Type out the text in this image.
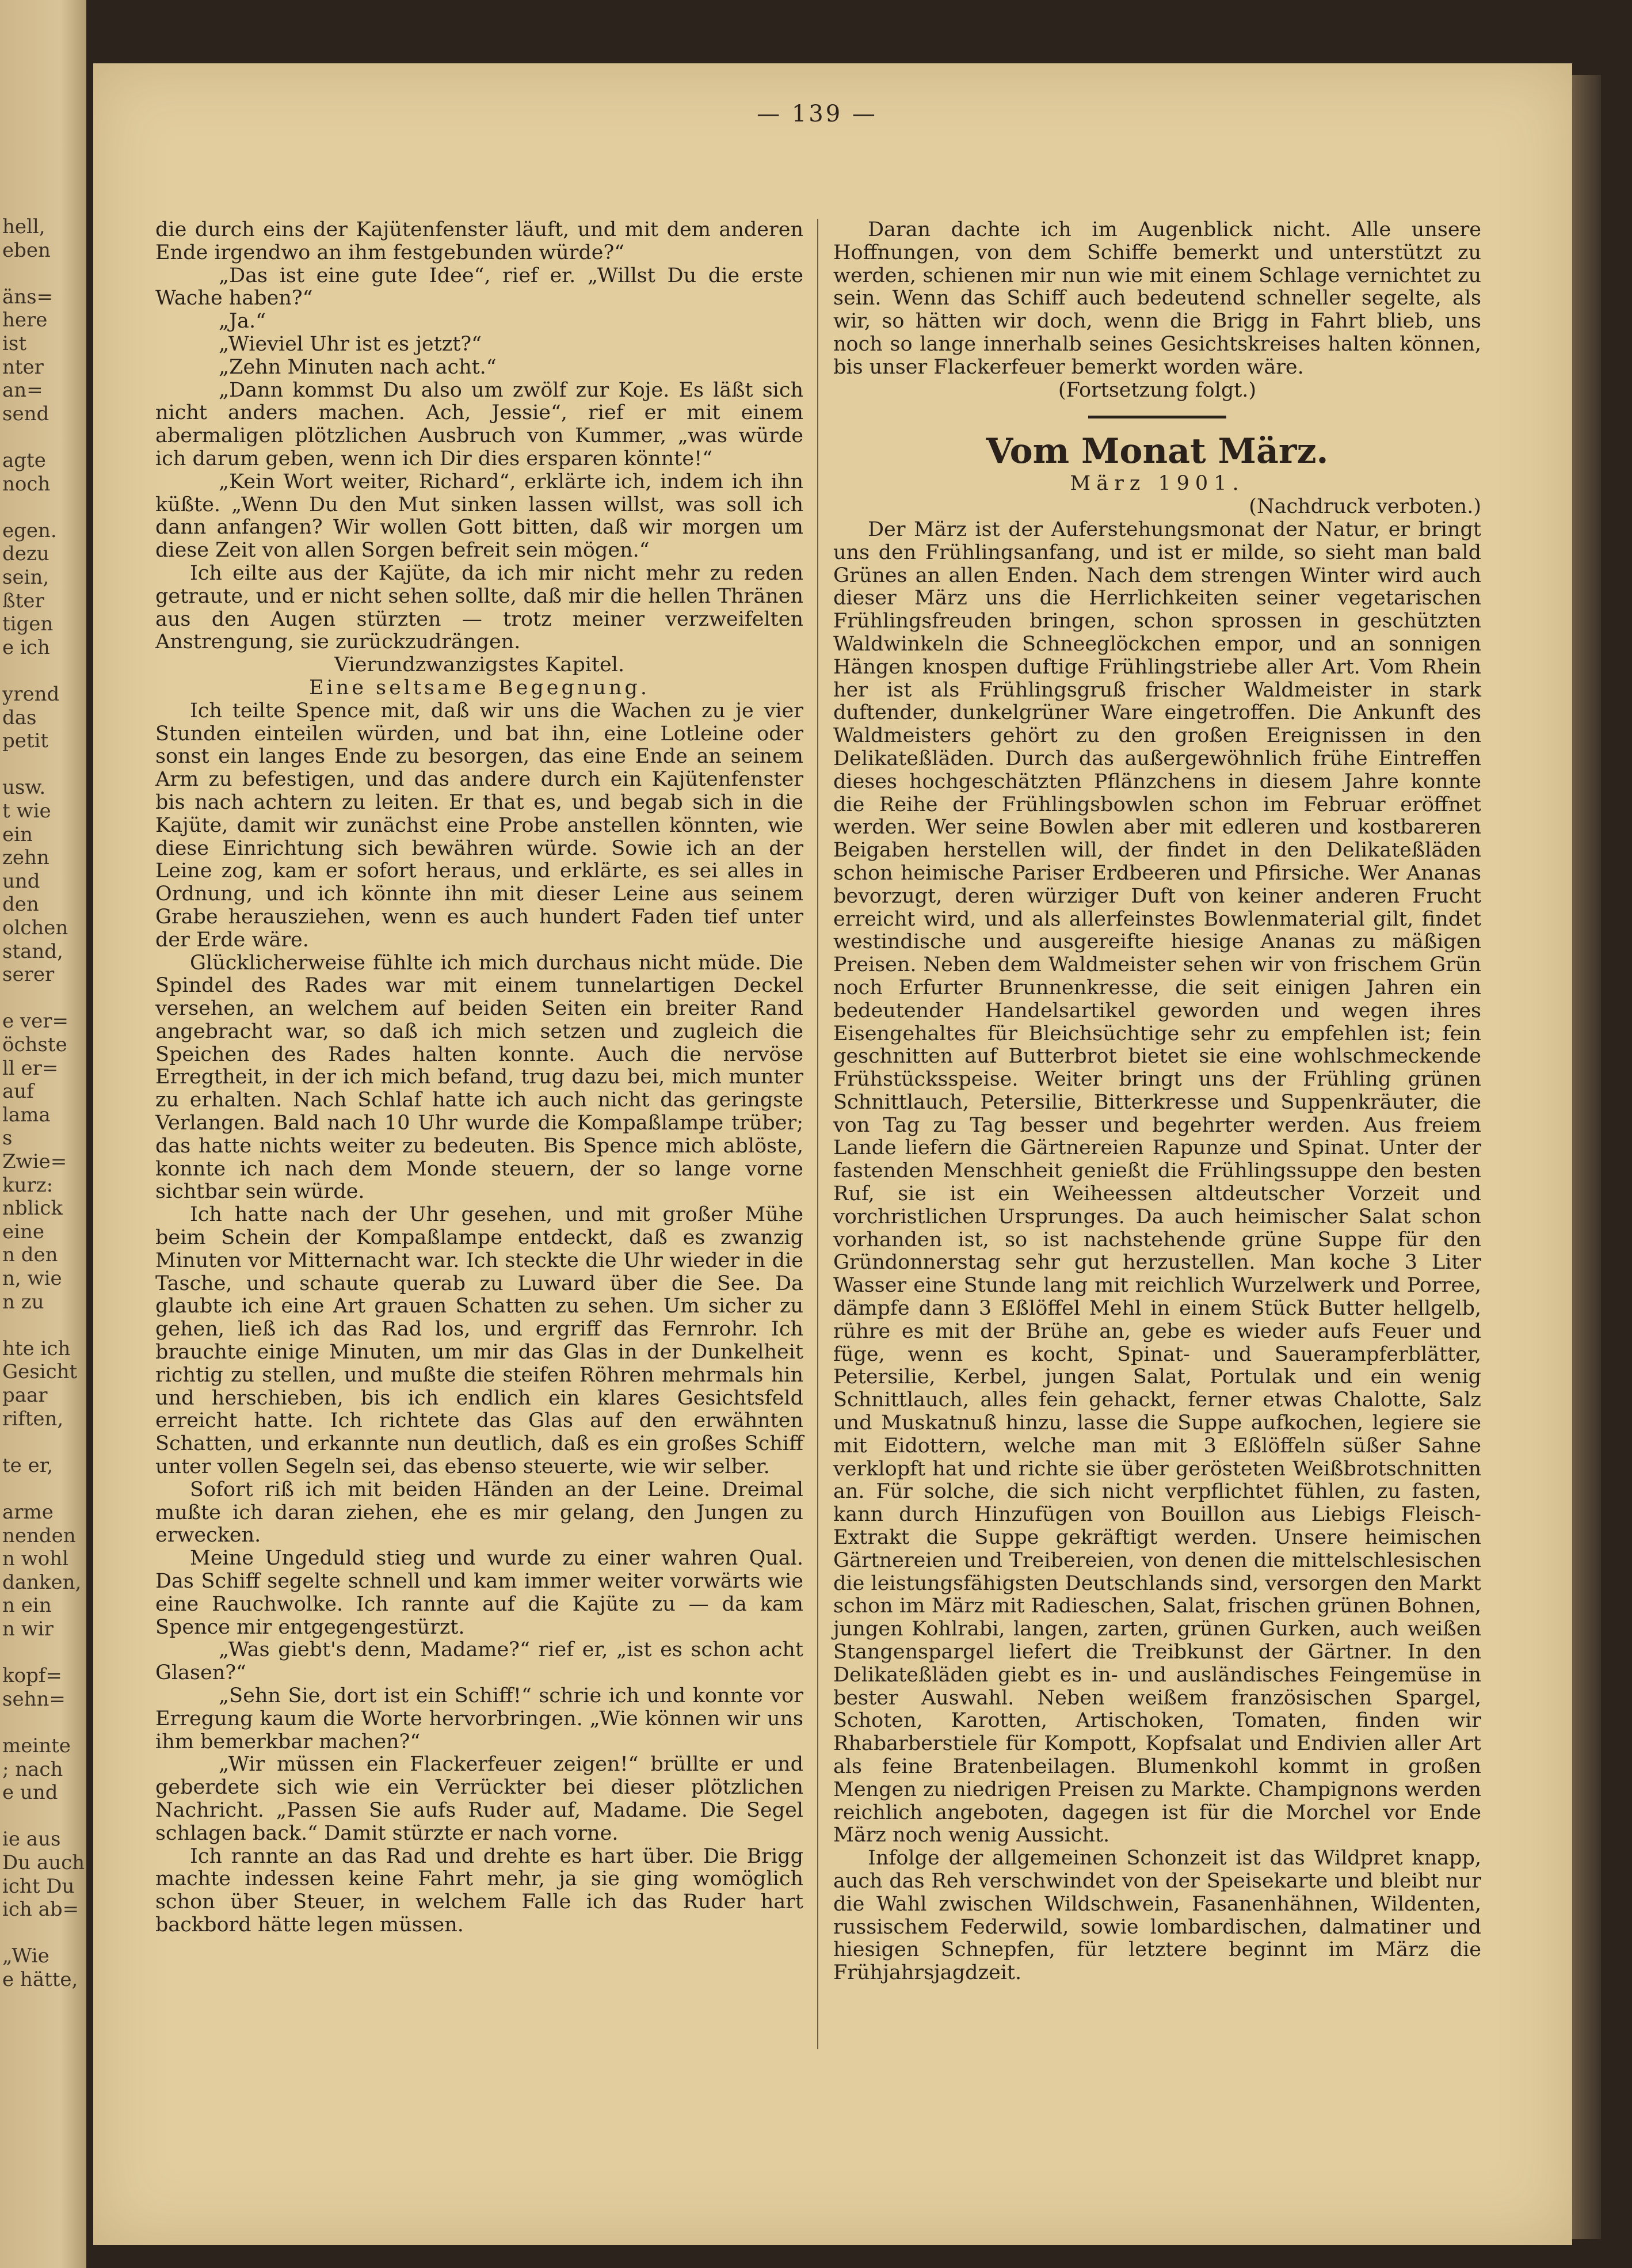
— 139 —

die durch eins der Kajütenfenster läuft, und mit dem anderen Ende irgendwo an ihm festgebunden würde?“

„Das ist eine gute Idee“, rief er. „Willst Du die erste Wache haben?“

„Ja.“

„Wieviel Uhr ist es jetzt?“

„Zehn Minuten nach acht.“

„Dann kommst Du also um zwölf zur Koje. Es läßt sich nicht anders machen. Ach, Jessie“, rief er mit einem abermaligen plötzlichen Ausbruch von Kummer, „was würde ich darum geben, wenn ich Dir dies ersparen könnte!“

„Kein Wort weiter, Richard“, erklärte ich, indem ich ihn küßte. „Wenn Du den Mut sinken lassen willst, was soll ich dann anfangen? Wir wollen Gott bitten, daß wir morgen um diese Zeit von allen Sorgen befreit sein mögen.“

Ich eilte aus der Kajüte, da ich mir nicht mehr zu reden getraute, und er nicht sehen sollte, daß mir die hellen Thränen aus den Augen stürzten — trotz meiner verzweifelten Anstrengung, sie zurückzudrängen.

Vierundzwanzigstes Kapitel.

Eine seltsame Begegnung.

Ich teilte Spence mit, daß wir uns die Wachen zu je vier Stunden einteilen würden, und bat ihn, eine Lotleine oder sonst ein langes Ende zu besorgen, das eine Ende an seinem Arm zu befestigen, und das andere durch ein Kajütenfenster bis nach achtern zu leiten. Er that es, und begab sich in die Kajüte, damit wir zunächst eine Probe anstellen könnten, wie diese Einrichtung sich bewähren würde. Sowie ich an der Leine zog, kam er sofort heraus, und erklärte, es sei alles in Ordnung, und ich könnte ihn mit dieser Leine aus seinem Grabe herausziehen, wenn es auch hundert Faden tief unter der Erde wäre.

Glücklicherweise fühlte ich mich durchaus nicht müde. Die Spindel des Rades war mit einem tunnelartigen Deckel versehen, an welchem auf beiden Seiten ein breiter Rand angebracht war, so daß ich mich setzen und zugleich die Speichen des Rades halten konnte. Auch die nervöse Erregtheit, in der ich mich befand, trug dazu bei, mich munter zu erhalten. Nach Schlaf hatte ich auch nicht das geringste Verlangen. Bald nach 10 Uhr wurde die Kompaßlampe trüber; das hatte nichts weiter zu bedeuten. Bis Spence mich ablöste, konnte ich nach dem Monde steuern, der so lange vorne sichtbar sein würde.

Ich hatte nach der Uhr gesehen, und mit großer Mühe beim Schein der Kompaßlampe entdeckt, daß es zwanzig Minuten vor Mitternacht war. Ich steckte die Uhr wieder in die Tasche, und schaute querab zu Luward über die See. Da glaubte ich eine Art grauen Schatten zu sehen. Um sicher zu gehen, ließ ich das Rad los, und ergriff das Fernrohr. Ich brauchte einige Minuten, um mir das Glas in der Dunkelheit richtig zu stellen, und mußte die steifen Röhren mehrmals hin und herschieben, bis ich endlich ein klares Gesichtsfeld erreicht hatte. Ich richtete das Glas auf den erwähnten Schatten, und erkannte nun deutlich, daß es ein großes Schiff unter vollen Segeln sei, das ebenso steuerte, wie wir selber.

Sofort riß ich mit beiden Händen an der Leine. Dreimal mußte ich daran ziehen, ehe es mir gelang, den Jungen zu erwecken.

Meine Ungeduld stieg und wurde zu einer wahren Qual. Das Schiff segelte schnell und kam immer weiter vorwärts wie eine Rauchwolke. Ich rannte auf die Kajüte zu — da kam Spence mir entgegengestürzt.

„Was giebt's denn, Madame?“ rief er, „ist es schon acht Glasen?“

„Sehn Sie, dort ist ein Schiff!“ schrie ich und konnte vor Erregung kaum die Worte hervorbringen. „Wie können wir uns ihm bemerkbar machen?“

„Wir müssen ein Flackerfeuer zeigen!“ brüllte er und geberdete sich wie ein Verrückter bei dieser plötzlichen Nachricht. „Passen Sie aufs Ruder auf, Madame. Die Segel schlagen back.“ Damit stürzte er nach vorne.

Ich rannte an das Rad und drehte es hart über. Die Brigg machte indessen keine Fahrt mehr, ja sie ging womöglich schon über Steuer, in welchem Falle ich das Ruder hart backbord hätte legen müssen.

Daran dachte ich im Augenblick nicht. Alle unsere Hoffnungen, von dem Schiffe bemerkt und unterstützt zu werden, schienen mir nun wie mit einem Schlage vernichtet zu sein. Wenn das Schiff auch bedeutend schneller segelte, als wir, so hätten wir doch, wenn die Brigg in Fahrt blieb, uns noch so lange innerhalb seines Gesichtskreises halten können, bis unser Flackerfeuer bemerkt worden wäre.

(Fortsetzung folgt.)

Vom Monat März.

März 1901.

(Nachdruck verboten.)

Der März ist der Auferstehungsmonat der Natur, er bringt uns den Frühlingsanfang, und ist er milde, so sieht man bald Grünes an allen Enden. Nach dem strengen Winter wird auch dieser März uns die Herrlichkeiten seiner vegetarischen Frühlingsfreuden bringen, schon sprossen in geschützten Waldwinkeln die Schneeglöckchen empor, und an sonnigen Hängen knospen duftige Frühlingstriebe aller Art. Vom Rhein her ist als Frühlingsgruß frischer Waldmeister in stark duftender, dunkelgrüner Ware eingetroffen. Die Ankunft des Waldmeisters gehört zu den großen Ereignissen in den Delikateßläden. Durch das außergewöhnlich frühe Eintreffen dieses hochgeschätzten Pflänzchens in diesem Jahre konnte die Reihe der Frühlingsbowlen schon im Februar eröffnet werden. Wer seine Bowlen aber mit edleren und kostbareren Beigaben herstellen will, der findet in den Delikateßläden schon heimische Pariser Erdbeeren und Pfirsiche. Wer Ananas bevorzugt, deren würziger Duft von keiner anderen Frucht erreicht wird, und als allerfeinstes Bowlenmaterial gilt, findet westindische und ausgereifte hiesige Ananas zu mäßigen Preisen. Neben dem Waldmeister sehen wir von frischem Grün noch Erfurter Brunnenkresse, die seit einigen Jahren ein bedeutender Handelsartikel geworden und wegen ihres Eisengehaltes für Bleichsüchtige sehr zu empfehlen ist; fein geschnitten auf Butterbrot bietet sie eine wohlschmeckende Frühstücksspeise. Weiter bringt uns der Frühling grünen Schnittlauch, Petersilie, Bitterkresse und Suppenkräuter, die von Tag zu Tag besser und begehrter werden. Aus freiem Lande liefern die Gärtnereien Rapunze und Spinat. Unter der fastenden Menschheit genießt die Frühlingssuppe den besten Ruf, sie ist ein Weiheessen altdeutscher Vorzeit und vorchristlichen Ursprunges. Da auch heimischer Salat schon vorhanden ist, so ist nachstehende grüne Suppe für den Gründonnerstag sehr gut herzustellen. Man koche 3 Liter Wasser eine Stunde lang mit reichlich Wurzelwerk und Porree, dämpfe dann 3 Eßlöffel Mehl in einem Stück Butter hellgelb, rühre es mit der Brühe an, gebe es wieder aufs Feuer und füge, wenn es kocht, Spinat- und Sauerampferblätter, Petersilie, Kerbel, jungen Salat, Portulak und ein wenig Schnittlauch, alles fein gehackt, ferner etwas Chalotte, Salz und Muskatnuß hinzu, lasse die Suppe aufkochen, legiere sie mit Eidottern, welche man mit 3 Eßlöffeln süßer Sahne verklopft hat und richte sie über gerösteten Weißbrotschnitten an. Für solche, die sich nicht verpflichtet fühlen, zu fasten, kann durch Hinzufügen von Bouillon aus Liebigs Fleisch-Extrakt die Suppe gekräftigt werden. Unsere heimischen Gärtnereien und Treibereien, von denen die mittelschlesischen die leistungsfähigsten Deutschlands sind, versorgen den Markt schon im März mit Radieschen, Salat, frischen grünen Bohnen, jungen Kohlrabi, langen, zarten, grünen Gurken, auch weißen Stangenspargel liefert die Treibkunst der Gärtner. In den Delikateßläden giebt es in- und ausländisches Feingemüse in bester Auswahl. Neben weißem französischen Spargel, Schoten, Karotten, Artischoken, Tomaten, finden wir Rhabarberstiele für Kompott, Kopfsalat und Endivien aller Art als feine Bratenbeilagen. Blumenkohl kommt in großen Mengen zu niedrigen Preisen zu Markte. Champignons werden reichlich angeboten, dagegen ist für die Morchel vor Ende März noch wenig Aussicht.

Infolge der allgemeinen Schonzeit ist das Wildpret knapp, auch das Reh verschwindet von der Speisekarte und bleibt nur die Wahl zwischen Wildschwein, Fasanenhähnen, Wildenten, russischem Federwild, sowie lombardischen, dalmatiner und hiesigen Schnepfen, für letztere beginnt im März die Frühjahrsjagdzeit.

hell,
eben
äns=
here
ist
nter
an=
send
agte
noch
egen.
dezu
sein,
ßter
tigen
e ich
yrend
das
petit
usw.
t wie
ein
zehn
und
den
olchen
stand,
serer
e ver=
öchste
ll er=
auf
lama
s
Zwie=
kurz:
nblick
eine
n den
n, wie
n zu
hte ich
Gesicht
paar
riften,
te er,
arme
nenden
n wohl
danken,
n ein
n wir
kopf=
sehn=
meinte
; nach
e und
ie aus
Du auch
icht Du
ich ab=
„Wie
e hätte,
